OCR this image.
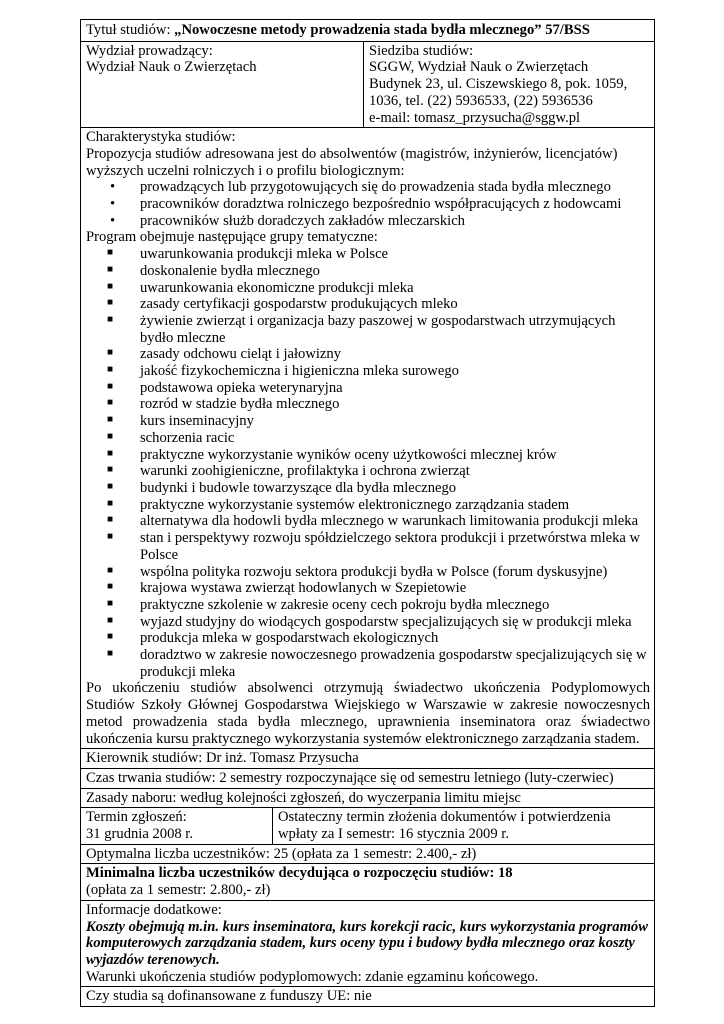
Tytuł studiów: „Nowoczesne metody prowadzenia stada bydła mlecznego” 57/BSS
Wydział prowadzący:
Wydział Nauk o Zwierzętach
Siedziba studiów:
SGGW, Wydział Nauk o Zwierzętach
Budynek 23, ul. Ciszewskiego 8, pok. 1059,
1036, tel. (22) 5936533, (22) 5936536
e-mail: tomasz_przysucha@sggw.pl
Charakterystyka studiów:
Propozycja studiów adresowana jest do absolwentów (magistrów, inżynierów, licencjatów) wyższych uczelni rolniczych i o profilu biologicznym:
• prowadzących lub przygotowujących się do prowadzenia stada bydła mlecznego
• pracowników doradztwa rolniczego bezpośrednio współpracujących z hodowcami
• pracowników służb doradczych zakładów mleczarskich
Program obejmuje następujące grupy tematyczne:
■ uwarunkowania produkcji mleka w Polsce
■ doskonalenie bydła mlecznego
■ uwarunkowania ekonomiczne produkcji mleka
■ zasady certyfikacji gospodarstw produkujących mleko
■ żywienie zwierząt i organizacja bazy paszowej w gospodarstwach utrzymujących bydło mleczne
■ zasady odchowu cieląt i jałowizny
■ jakość fizykochemiczna i higieniczna mleka surowego
■ podstawowa opieka weterynaryjna
■ rozród w stadzie bydła mlecznego
■ kurs inseminacyjny
■ schorzenia racic
■ praktyczne wykorzystanie wyników oceny użytkowości mlecznej krów
■ warunki zoohigieniczne, profilaktyka i ochrona zwierząt
■ budynki i budowle towarzyszące dla bydła mlecznego
■ praktyczne wykorzystanie systemów elektronicznego zarządzania stadem
■ alternatywa dla hodowli bydła mlecznego w warunkach limitowania produkcji mleka
■ stan i perspektywy rozwoju spółdzielczego sektora produkcji i przetwórstwa mleka w Polsce
■ wspólna polityka rozwoju sektora produkcji bydła w Polsce (forum dyskusyjne)
■ krajowa wystawa zwierząt hodowlanych w Szepietowie
■ praktyczne szkolenie w zakresie oceny cech pokroju bydła mlecznego
■ wyjazd studyjny do wiodących gospodarstw specjalizujących się w produkcji mleka
■ produkcja mleka w gospodarstwach ekologicznych
■ doradztwo w zakresie nowoczesnego prowadzenia gospodarstw specjalizujących się w produkcji mleka
Po ukończeniu studiów absolwenci otrzymują świadectwo ukończenia Podyplomowych Studiów Szkoły Głównej Gospodarstwa Wiejskiego w Warszawie w zakresie nowoczesnych metod prowadzenia stada bydła mlecznego, uprawnienia inseminatora oraz świadectwo ukończenia kursu praktycznego wykorzystania systemów elektronicznego zarządzania stadem.
Kierownik studiów: Dr inż. Tomasz Przysucha
Czas trwania studiów: 2 semestry rozpoczynające się od semestru letniego (luty-czerwiec)
Zasady naboru: według kolejności zgłoszeń, do wyczerpania limitu miejsc
Termin zgłoszeń:
31 grudnia 2008 r.
Ostateczny termin złożenia dokumentów i potwierdzenia
wpłaty za I semestr: 16 stycznia 2009 r.
Optymalna liczba uczestników: 25 (opłata za 1 semestr: 2.400,- zł)
Minimalna liczba uczestników decydująca o rozpoczęciu studiów: 18
(opłata za 1 semestr: 2.800,- zł)
Informacje dodatkowe:
Koszty obejmują m.in. kurs inseminatora, kurs korekcji racic, kurs wykorzystania programów komputerowych zarządzania stadem, kurs oceny typu i budowy bydła mlecznego oraz koszty wyjazdów terenowych.
Warunki ukończenia studiów podyplomowych: zdanie egzaminu końcowego.
Czy studia są dofinansowane z funduszy UE: nie
